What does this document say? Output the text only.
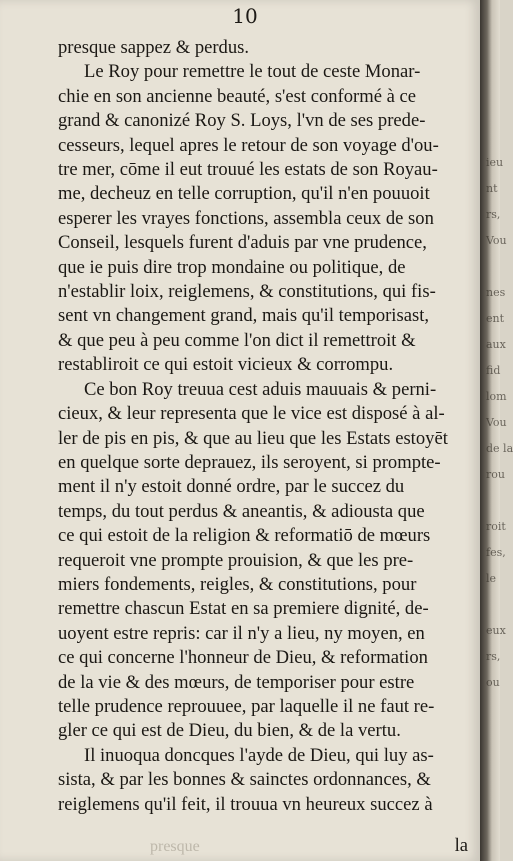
10
presque sappez & perdus.
Le Roy pour remettre le tout de ceste Monar-
chie en son ancienne beauté, s'est conformé à ce
grand & canonizé Roy S. Loys, l'vn de ses prede-
cesseurs, lequel apres le retour de son voyage d'ou-
tre mer, cōme il eut trouué les estats de son Royau-
me, decheuz en telle corruption, qu'il n'en pouuoit
esperer les vrayes fonctions, assembla ceux de son
Conseil, lesquels furent d'aduis par vne prudence,
que ie puis dire trop mondaine ou politique, de
n'establir loix, reiglemens, & constitutions, qui fis-
sent vn changement grand, mais qu'il temporisast,
& que peu à peu comme l'on dict il remettroit &
restabliroit ce qui estoit vicieux & corrompu.
Ce bon Roy treuua cest aduis mauuais & perni-
cieux, & leur representa que le vice est disposé à al-
ler de pis en pis, & que au lieu que les Estats estoyēt
en quelque sorte deprauez, ils seroyent, si prompte-
ment il n'y estoit donné ordre, par le succez du
temps, du tout perdus & aneantis, & adiousta que
ce qui estoit de la religion & reformatiō de mœurs
requeroit vne prompte prouision, & que les pre-
miers fondements, reigles, & constitutions, pour
remettre chascun Estat en sa premiere dignité, de-
uoyent estre repris: car il n'y a lieu, ny moyen, en
ce qui concerne l'honneur de Dieu, & reformation
de la vie & des mœurs, de temporiser pour estre
telle prudence reprouuee, par laquelle il ne faut re-
gler ce qui est de Dieu, du bien, & de la vertu.
Il inuoqua doncques l'ayde de Dieu, qui luy as-
sista, & par les bonnes & sainctes ordonnances, &
reiglemens qu'il feit, il trouua vn heureux succez à
la
presque
ieu
nt
rs,
Vou

nes
ent
aux
fid
lom
Vou
de la
rou

roit
fes,
le

eux
rs,
ou
